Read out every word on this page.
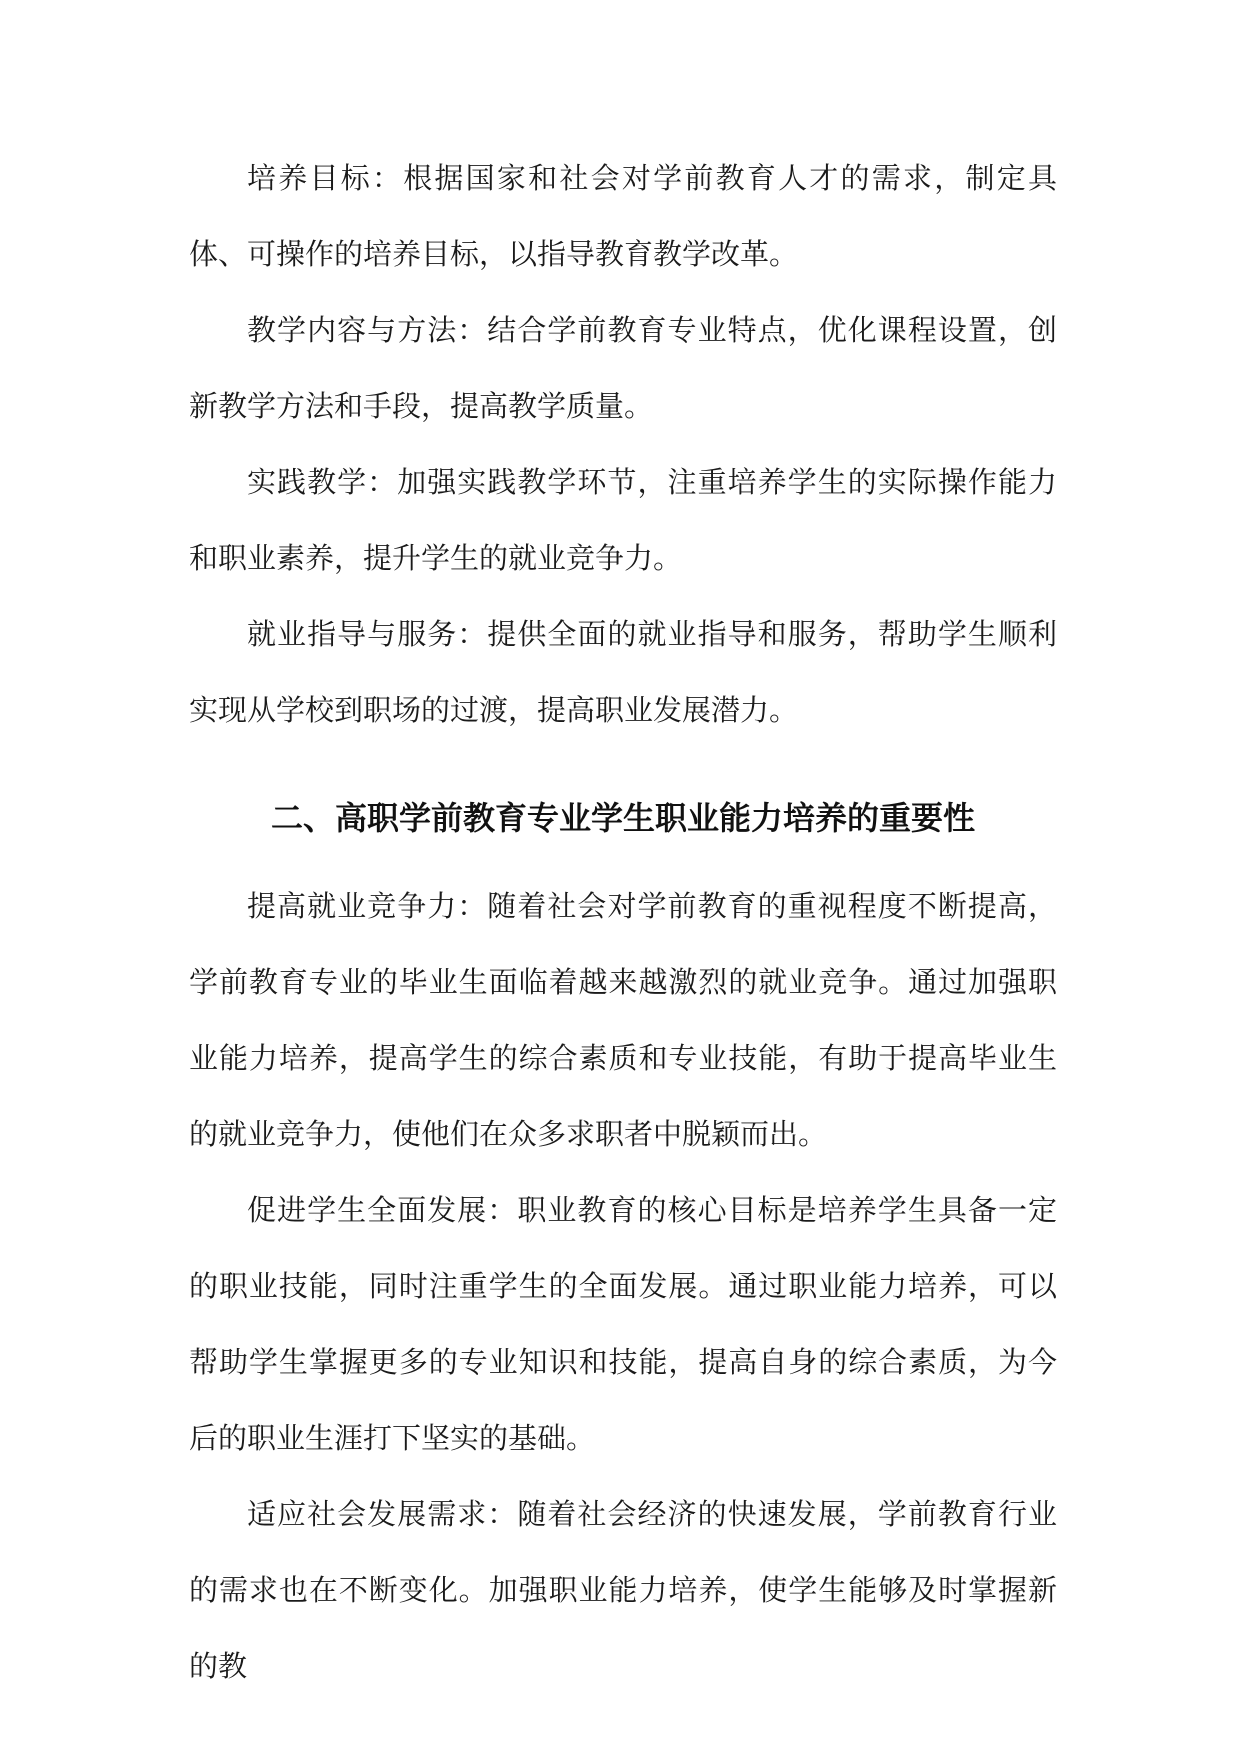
培养目标：根据国家和社会对学前教育人才的需求，制定具体、可操作的培养目标，以指导教育教学改革。

教学内容与方法：结合学前教育专业特点，优化课程设置，创新教学方法和手段，提高教学质量。

实践教学：加强实践教学环节，注重培养学生的实际操作能力和职业素养，提升学生的就业竞争力。

就业指导与服务：提供全面的就业指导和服务，帮助学生顺利实现从学校到职场的过渡，提高职业发展潜力。

二、高职学前教育专业学生职业能力培养的重要性

提高就业竞争力：随着社会对学前教育的重视程度不断提高，学前教育专业的毕业生面临着越来越激烈的就业竞争。通过加强职业能力培养，提高学生的综合素质和专业技能，有助于提高毕业生的就业竞争力，使他们在众多求职者中脱颖而出。

促进学生全面发展：职业教育的核心目标是培养学生具备一定的职业技能，同时注重学生的全面发展。通过职业能力培养，可以帮助学生掌握更多的专业知识和技能，提高自身的综合素质，为今后的职业生涯打下坚实的基础。

适应社会发展需求：随着社会经济的快速发展，学前教育行业的需求也在不断变化。加强职业能力培养，使学生能够及时掌握新的教
